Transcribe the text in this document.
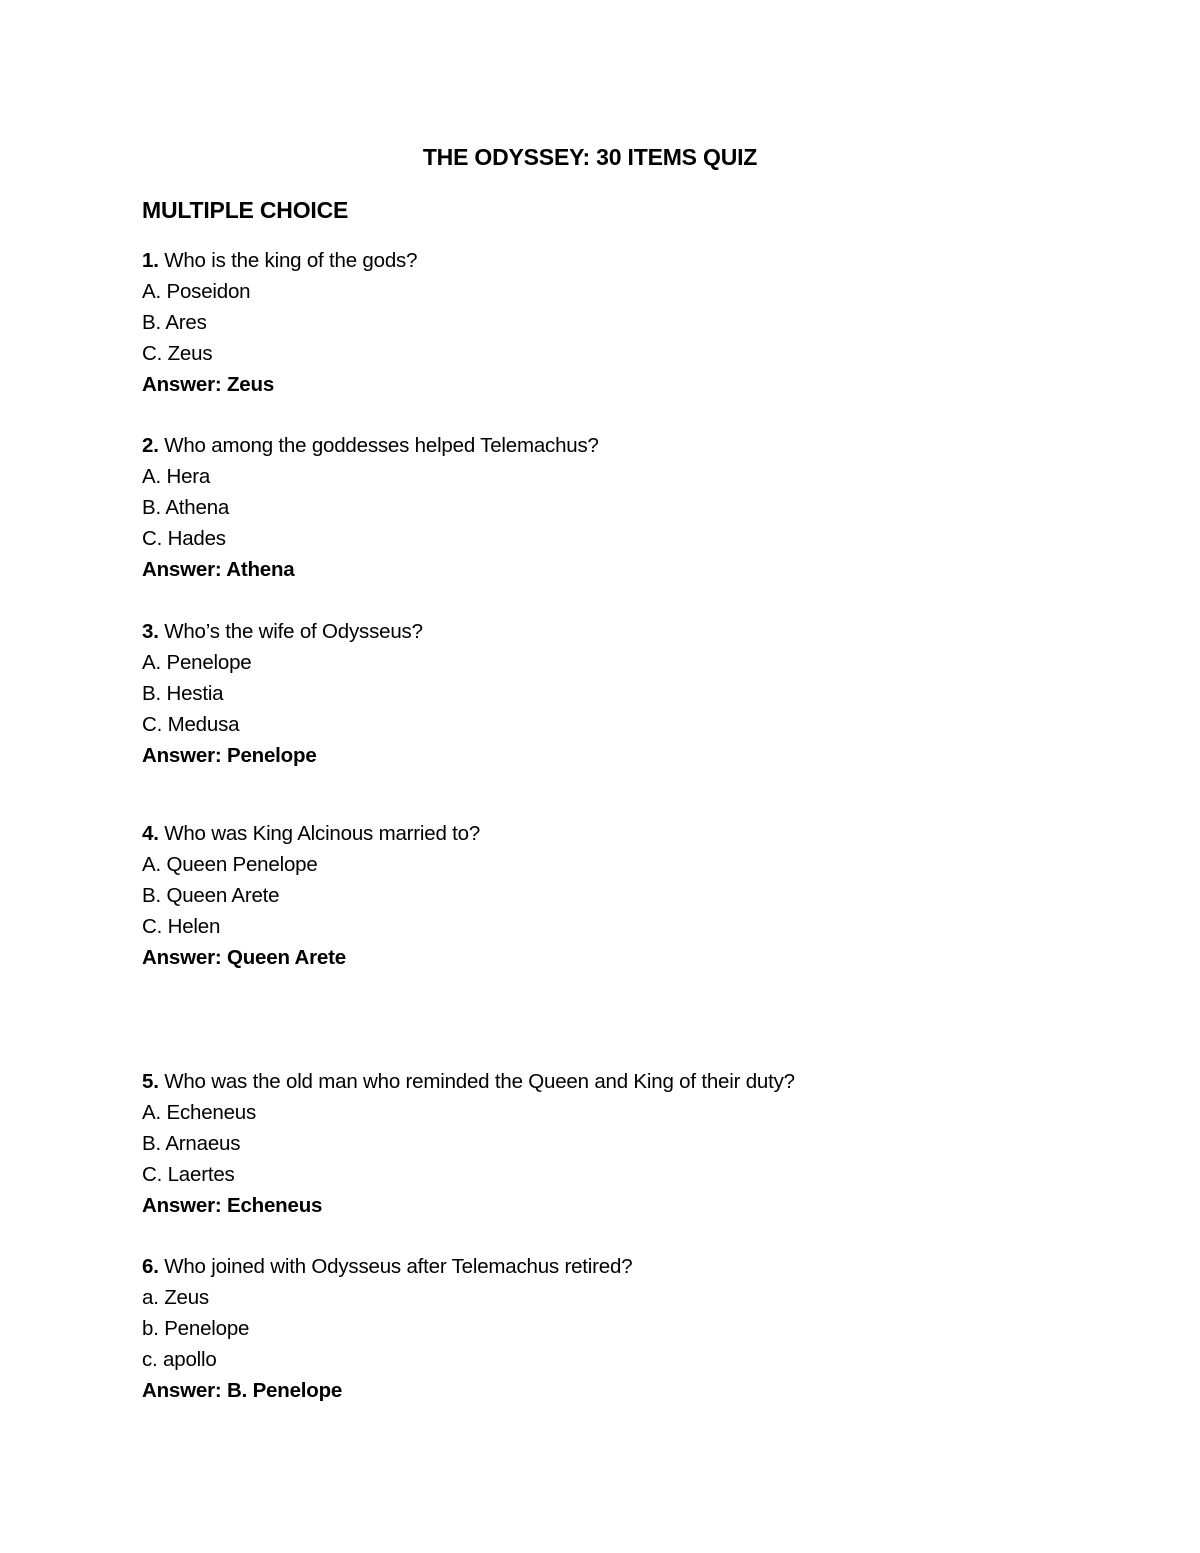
THE ODYSSEY: 30 ITEMS QUIZ
MULTIPLE CHOICE
1. Who is the king of the gods?
A. Poseidon
B. Ares
C. Zeus
Answer: Zeus
2. Who among the goddesses helped Telemachus?
A. Hera
B. Athena
C. Hades
Answer: Athena
3. Who’s the wife of Odysseus?
A. Penelope
B. Hestia
C. Medusa
Answer: Penelope
4. Who was King Alcinous married to?
A. Queen Penelope
B. Queen Arete
C. Helen
Answer: Queen Arete
5. Who was the old man who reminded the Queen and King of their duty?
A. Echeneus
B. Arnaeus
C. Laertes
Answer: Echeneus
6. Who joined with Odysseus after Telemachus retired?
a. Zeus
b. Penelope
c. apollo
Answer: B. Penelope
